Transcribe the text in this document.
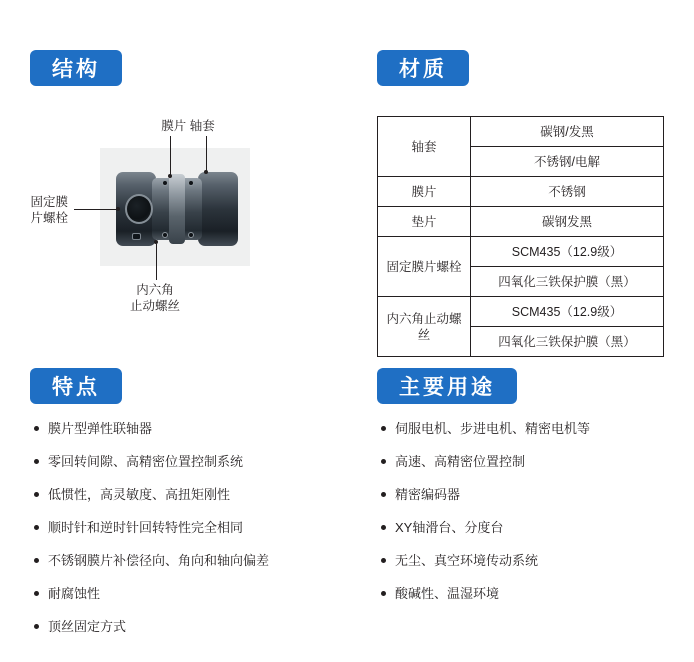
结构	材质
特点	主要用途
膜片 轴套
固定膜
片螺栓
内六角
止动螺丝
轴套	碳钢/发黑
	不锈钢/电解
膜片	不锈钢
垫片	碳钢发黑
固定膜片螺栓	SCM435（12.9级）
	四氧化三铁保护膜（黑）
内六角止动螺丝	SCM435（12.9级）
	四氧化三铁保护膜（黑）
膜片型弹性联轴器
零回转间隙、高精密位置控制系统
低惯性，高灵敏度、高扭矩刚性
顺时针和逆时针回转特性完全相同
不锈钢膜片补偿径向、角向和轴向偏差
耐腐蚀性
顶丝固定方式
伺服电机、步进电机、精密电机等
高速、高精密位置控制
精密编码器
XY轴滑台、分度台
无尘、真空环境传动系统
酸碱性、温湿环境
